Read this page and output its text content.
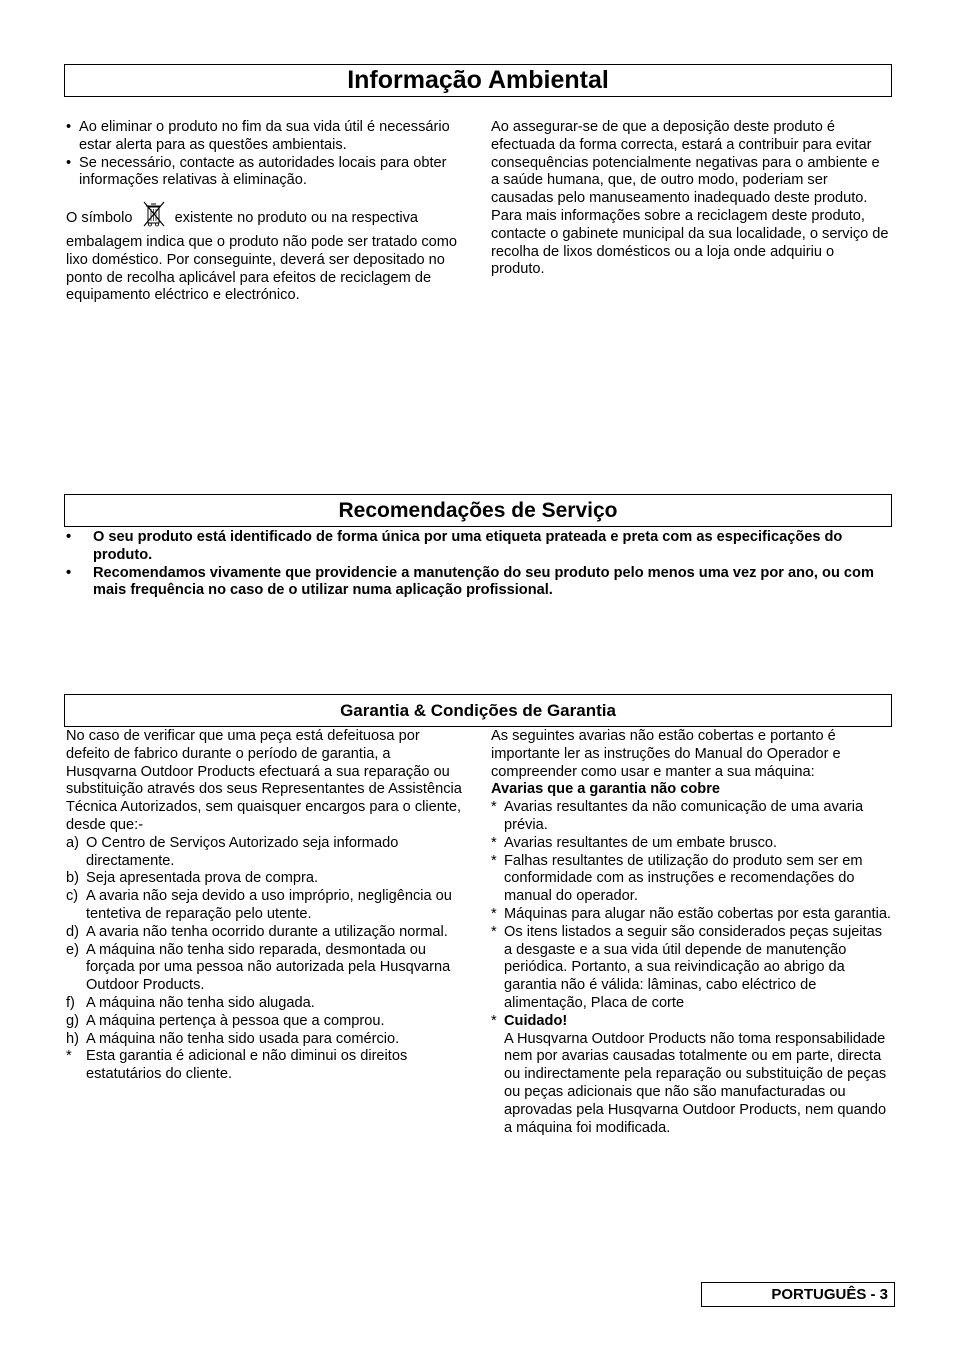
Informação Ambiental
• Ao eliminar o produto no fim da sua vida útil é necessário estar alerta para as questões ambientais.
• Se necessário, contacte as autoridades locais para obter informações relativas à eliminação.

O símbolo	existente no produto ou na respectiva embalagem indica que o produto não pode ser tratado como lixo doméstico. Por conseguinte, deverá ser depositado no ponto de recolha aplicável para efeitos de reciclagem de equipamento eléctrico e electrónico.

Ao assegurar-se de que a deposição deste produto é efectuada da forma correcta, estará a contribuir para evitar consequências potencialmente negativas para o ambiente e a saúde humana, que, de outro modo, poderiam ser causadas pelo manuseamento inadequado deste produto. Para mais informações sobre a reciclagem deste produto, contacte o gabinete municipal da sua localidade, o serviço de recolha de lixos domésticos ou a loja onde adquiriu o produto.

Recomendações de Serviço
•	O seu produto está identificado de forma única por uma etiqueta prateada e preta com as especificações do produto.
•	Recomendamos vivamente que providencie a manutenção do seu produto pelo menos uma vez por ano, ou com mais frequência no caso de o utilizar numa aplicação profissional.
Garantia & Condições de Garantia

No caso de verificar que uma peça está defeituosa por defeito de fabrico durante o período de garantia, a Husqvarna Outdoor Products efectuará a sua reparação ou substituição através dos seus Representantes de Assistência Técnica Autorizados, sem quaisquer encargos para o cliente, desde que:-

a) O Centro de Serviços Autorizado seja informado directamente.
b) Seja apresentada prova de compra.
c) A avaria não seja devido a uso impróprio, negligência ou tentetiva de reparação pelo utente.
d) A avaria não tenha ocorrido durante a utilização normal.
e) A máquina não tenha sido reparada, desmontada ou forçada por uma pessoa não autorizada pela Husqvarna Outdoor Products.
f) A máquina não tenha sido alugada.
g) A máquina pertença à pessoa que a comprou.
h) A máquina não tenha sido usada para comércio.
* Esta garantia é adicional e não diminui os direitos estatutários do cliente.

As seguintes avarias não estão cobertas e portanto é importante ler as instruções do Manual do Operador e compreender como usar e manter a sua máquina:

Avarias que a garantia não cobre

* Avarias resultantes da não comunicação de uma avaria prévia.
* Avarias resultantes de um embate brusco.
* Falhas resultantes de utilização do produto sem ser em conformidade com as instruções e recomendações do manual do operador.
* Máquinas para alugar não estão cobertas por esta garantia.
* Os itens listados a seguir são considerados peças sujeitas a desgaste e a sua vida útil depende de manutenção periódica. Portanto, a sua reivindicação ao abrigo da garantia não é válida: lâminas, cabo eléctrico de alimentação, Placa de corte
* Cuidado!
A Husqvarna Outdoor Products não toma responsabilidade nem por avarias causadas totalmente ou em parte, directa ou indirectamente pela reparação ou substituição de peças ou peças adicionais que não são manufacturadas ou aprovadas pela Husqvarna Outdoor Products, nem quando a máquina foi modificada.
PORTUGUÊS - 3
